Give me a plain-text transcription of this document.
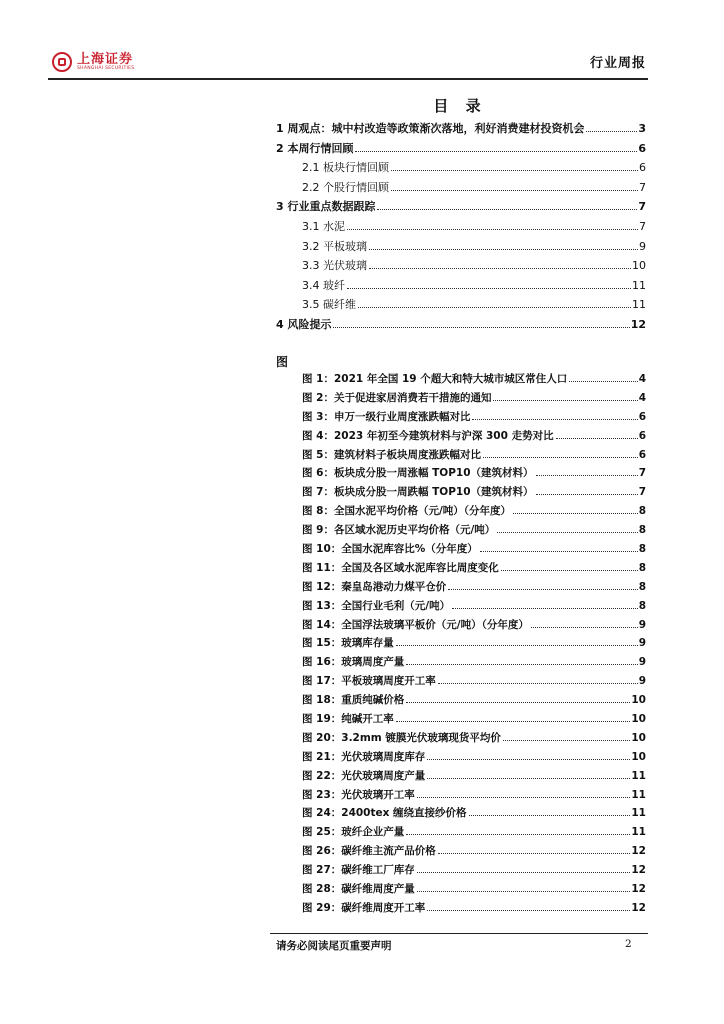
上海证券
SHANGHAI SECURITIES	行业周报
目 录
1 周观点：城中村改造等政策渐次落地，利好消费建材投资机会	3
2 本周行情回顾	6
2.1 板块行情回顾	6
2.2 个股行情回顾	7
3 行业重点数据跟踪	7
3.1 水泥	7
3.2 平板玻璃	9
3.3 光伏玻璃	10
3.4 玻纤	11
3.5 碳纤维	11
4 风险提示	12
图
图 1：2021 年全国 19 个超大和特大城市城区常住人口	4
图 2：关于促进家居消费若干措施的通知	4
图 3：申万一级行业周度涨跌幅对比	6
图 4：2023 年初至今建筑材料与沪深 300 走势对比	6
图 5：建筑材料子板块周度涨跌幅对比	6
图 6：板块成分股一周涨幅 TOP10（建筑材料）	7
图 7：板块成分股一周跌幅 TOP10（建筑材料）	7
图 8：全国水泥平均价格（元/吨）（分年度）	8
图 9：各区域水泥历史平均价格（元/吨）	8
图 10：全国水泥库容比%（分年度）	8
图 11：全国及各区域水泥库容比周度变化	8
图 12：秦皇岛港动力煤平仓价	8
图 13：全国行业毛利（元/吨）	8
图 14：全国浮法玻璃平板价（元/吨）（分年度）	9
图 15：玻璃库存量	9
图 16：玻璃周度产量	9
图 17：平板玻璃周度开工率	9
图 18：重质纯碱价格	10
图 19：纯碱开工率	10
图 20：3.2mm 镀膜光伏玻璃现货平均价	10
图 21：光伏玻璃周度库存	10
图 22：光伏玻璃周度产量	11
图 23：光伏玻璃开工率	11
图 24：2400tex 缠绕直接纱价格	11
图 25：玻纤企业产量	11
图 26：碳纤维主流产品价格	12
图 27：碳纤维工厂库存	12
图 28：碳纤维周度产量	12
图 29：碳纤维周度开工率	12
请务必阅读尾页重要声明	2
